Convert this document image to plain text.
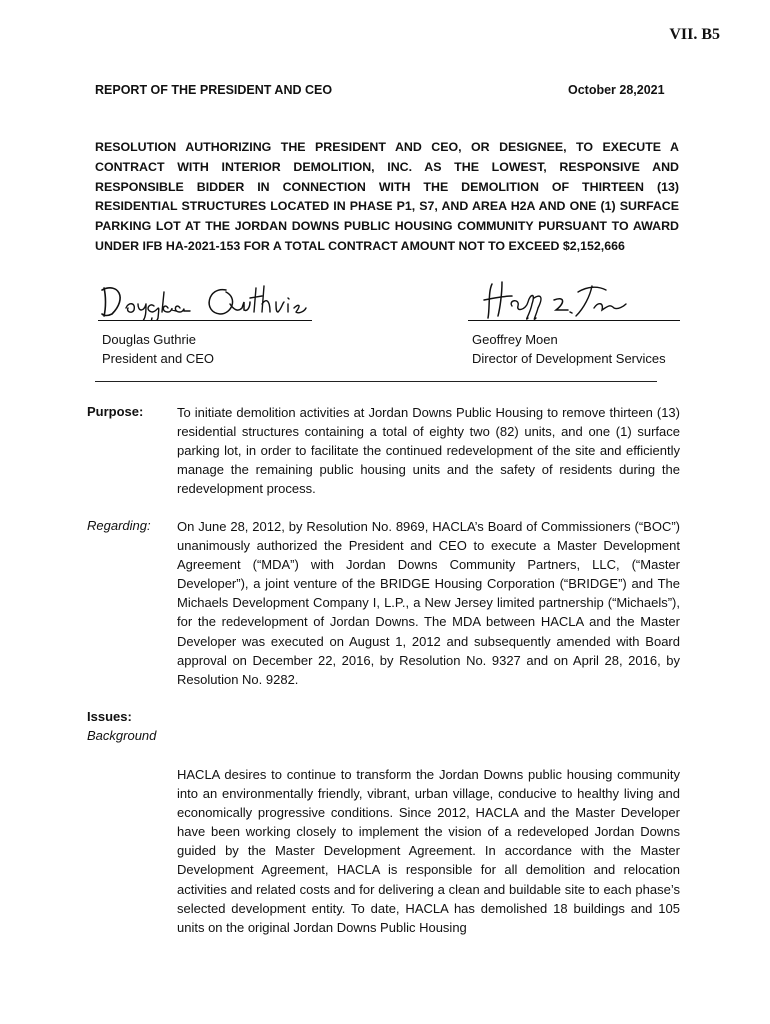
VII. B5
REPORT OF THE PRESIDENT AND CEO	October 28,2021
RESOLUTION AUTHORIZING THE PRESIDENT AND CEO, OR DESIGNEE, TO EXECUTE A CONTRACT WITH INTERIOR DEMOLITION, INC. AS THE LOWEST, RESPONSIVE AND RESPONSIBLE BIDDER IN CONNECTION WITH THE DEMOLITION OF THIRTEEN (13) RESIDENTIAL STRUCTURES LOCATED IN PHASE P1, S7, AND AREA H2A AND ONE (1) SURFACE PARKING LOT AT THE JORDAN DOWNS PUBLIC HOUSING COMMUNITY PURSUANT TO AWARD UNDER IFB HA-2021-153 FOR A TOTAL CONTRACT AMOUNT NOT TO EXCEED $2,152,666
Douglas Guthrie
President and CEO
Geoffrey Moen
Director of Development Services
Purpose:	To initiate demolition activities at Jordan Downs Public Housing to remove thirteen (13) residential structures containing a total of eighty two (82) units, and one (1) surface parking lot, in order to facilitate the continued redevelopment of the site and efficiently manage the remaining public housing units and the safety of residents during the redevelopment process.
Regarding: On June 28, 2012, by Resolution No. 8969, HACLA’s Board of Commissioners (“BOC”) unanimously authorized the President and CEO to execute a Master Development Agreement (“MDA”) with Jordan Downs Community Partners, LLC, (“Master Developer”), a joint venture of the BRIDGE Housing Corporation (“BRIDGE”) and The Michaels Development Company I, L.P., a New Jersey limited partnership (“Michaels”), for the redevelopment of Jordan Downs. The MDA between HACLA and the Master Developer was executed on August 1, 2012 and subsequently amended with Board approval on December 22, 2016, by Resolution No. 9327 and on April 28, 2016, by Resolution No. 9282.
Issues:
Background
HACLA desires to continue to transform the Jordan Downs public housing community into an environmentally friendly, vibrant, urban village, conducive to healthy living and economically progressive conditions. Since 2012, HACLA and the Master Developer have been working closely to implement the vision of a redeveloped Jordan Downs guided by the Master Development Agreement. In accordance with the Master Development Agreement, HACLA is responsible for all demolition and relocation activities and related costs and for delivering a clean and buildable site to each phase’s selected development entity. To date, HACLA has demolished 18 buildings and 105 units on the original Jordan Downs Public Housing
